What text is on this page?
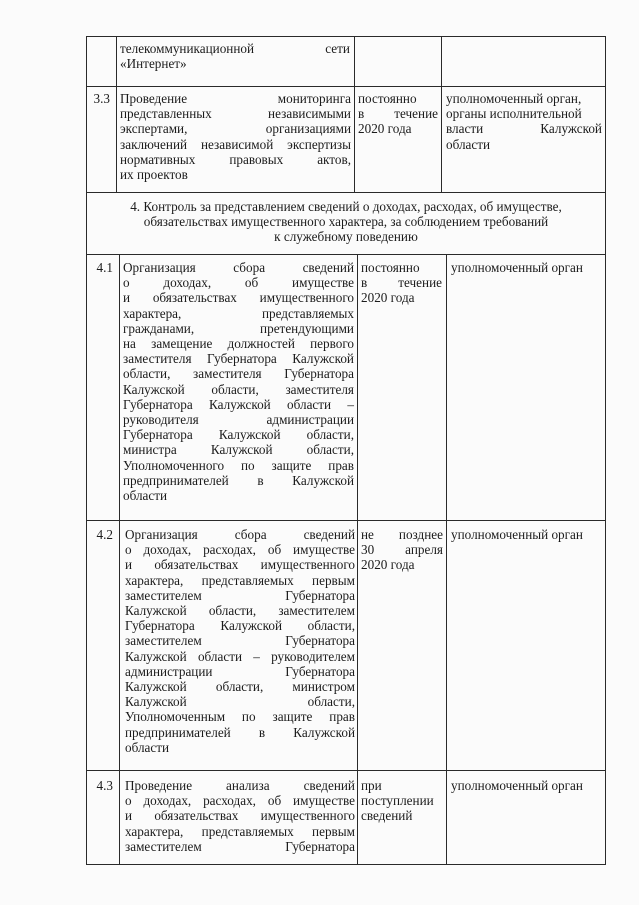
телекоммуникационной сети
«Интернет»
3.3 Проведение мониторинга
представленных независимыми
экспертами, организациями
заключений независимой экспертизы
нормативных правовых актов,
их проектов
постоянно
в течение
2020 года
уполномоченный орган,
органы исполнительной
власти Калужской
области
4. Контроль за представлением сведений о доходах, расходах, об имуществе,
обязательствах имущественного характера, за соблюдением требований
к служебному поведению
4.1 Организация сбора сведений
о доходах, об имуществе
и обязательствах имущественного
характера, представляемых
гражданами, претендующими
на замещение должностей первого
заместителя Губернатора Калужской
области, заместителя Губернатора
Калужской области, заместителя
Губернатора Калужской области –
руководителя администрации
Губернатора Калужской области,
министра Калужской области,
Уполномоченного по защите прав
предпринимателей в Калужской
области
постоянно
в течение
2020 года
уполномоченный орган
4.2 Организация сбора сведений
о доходах, расходах, об имуществе
и обязательствах имущественного
характера, представляемых первым
заместителем Губернатора
Калужской области, заместителем
Губернатора Калужской области,
заместителем Губернатора
Калужской области – руководителем
администрации Губернатора
Калужской области, министром
Калужской области,
Уполномоченным по защите прав
предпринимателей в Калужской
области
не позднее
30 апреля
2020 года
уполномоченный орган
4.3 Проведение анализа сведений
о доходах, расходах, об имуществе
и обязательствах имущественного
характера, представляемых первым
заместителем Губернатора
при
поступлении
сведений
уполномоченный орган
